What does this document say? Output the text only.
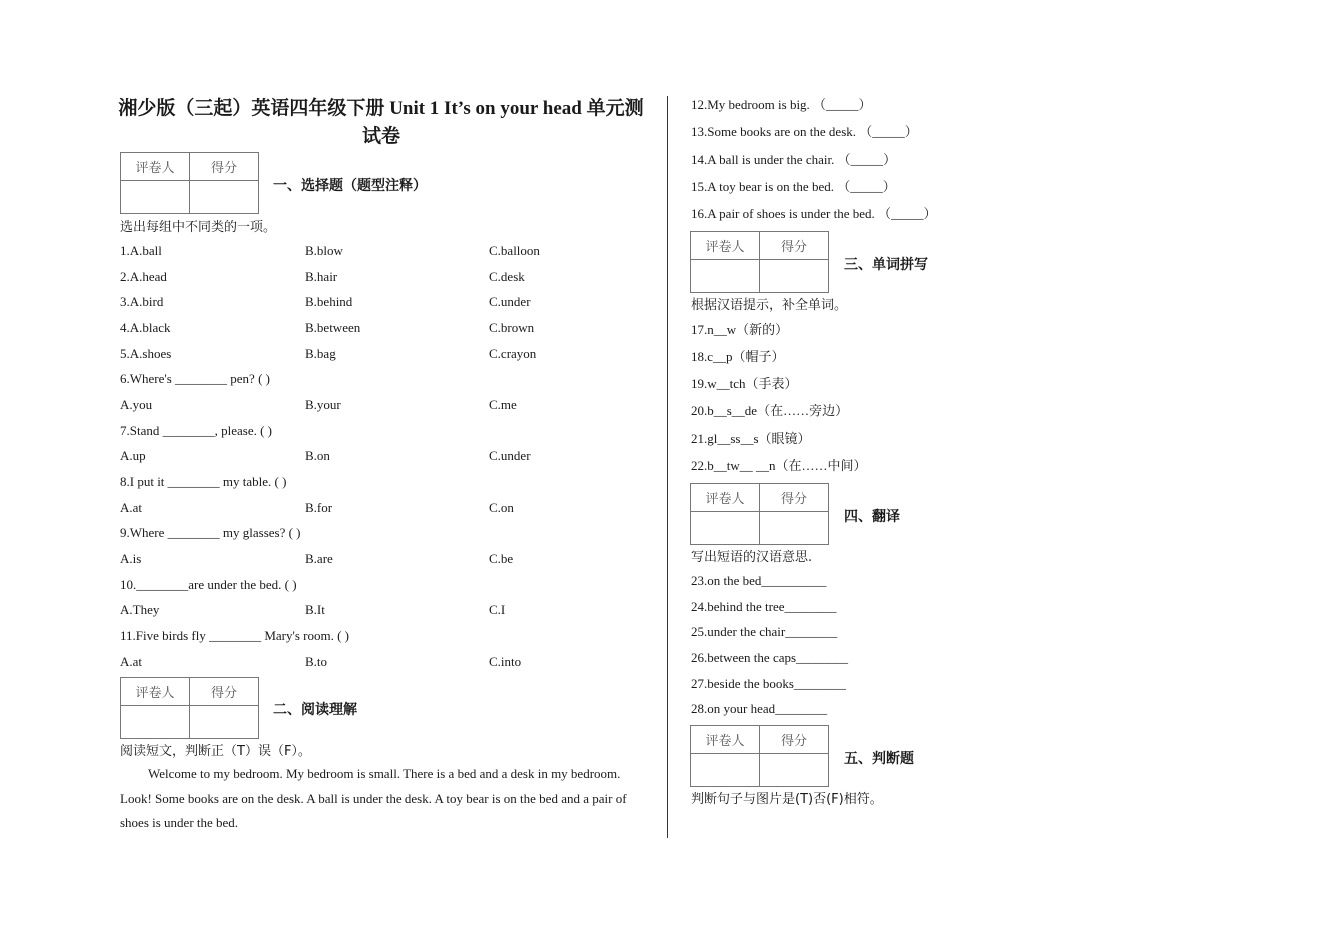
湘少版（三起）英语四年级下册 Unit 1 It’s on your head 单元测试卷
评卷人	得分

一、选择题（题型注释）
选出每组中不同类的一项。
1.A.ball	B.blow	C.balloon
2.A.head	B.hair	C.desk
3.A.bird	B.behind	C.under
4.A.black	B.between	C.brown
5.A.shoes	B.bag	C.crayon
6.Where's ________ pen? ( )
A.you	B.your	C.me
7.Stand ________, please. ( )
A.up	B.on	C.under
8.I put it ________ my table. ( )
A.at	B.for	C.on
9.Where ________ my glasses? ( )
A.is	B.are	C.be
10.________are under the bed. ( )
A.They	B.It	C.I
11.Five birds fly ________ Mary's room. ( )
A.at	B.to	C.into
评卷人	得分

二、阅读理解
阅读短文，判断正（T）误（F）。
Welcome to my bedroom. My bedroom is small. There is a bed and a desk in my bedroom. Look! Some books are on the desk. A ball is under the desk. A toy bear is on the bed and a pair of shoes is under the bed.
12.My bedroom is big. （_____）
13.Some books are on the desk. （_____）
14.A ball is under the chair. （_____）
15.A toy bear is on the bed. （_____）
16.A pair of shoes is under the bed. （_____）
评卷人	得分

三、单词拼写
根据汉语提示，补全单词。
17.n__w（新的）
18.c__p（帽子）
19.w__tch（手表）
20.b__s__de（在……旁边）
21.gl__ss__s（眼镜）
22.b__tw__ __n（在……中间）
评卷人	得分

四、翻译
写出短语的汉语意思.
23.on the bed__________
24.behind the tree________
25.under the chair________
26.between the caps________
27.beside the books________
28.on your head________
评卷人	得分

五、判断题
判断句子与图片是(T)否(F)相符。
